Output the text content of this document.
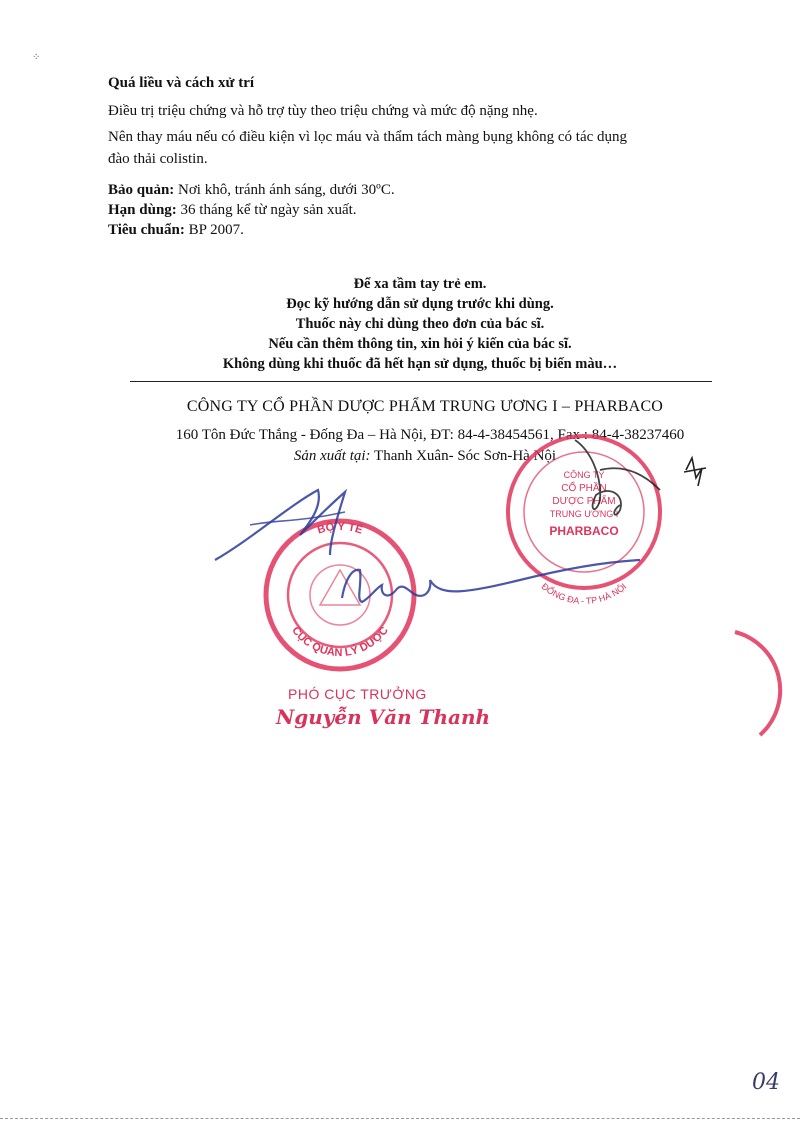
⁘
Quá liều và cách xử trí
Điều trị triệu chứng và hỗ trợ tùy theo triệu chứng và mức độ nặng nhẹ.
Nên thay máu nếu có điều kiện vì lọc máu và thẩm tách màng bụng không có tác dụng
đào thải colistin.
Bảo quản: Nơi khô, tránh ánh sáng, dưới 30ºC.
Hạn dùng: 36 tháng kể từ ngày sản xuất.
Tiêu chuẩn: BP 2007.
Để xa tầm tay trẻ em.
Đọc kỹ hướng dẫn sử dụng trước khi dùng.
Thuốc này chỉ dùng theo đơn của bác sĩ.
Nếu cần thêm thông tin, xin hỏi ý kiến của bác sĩ.
Không dùng khi thuốc đã hết hạn sử dụng, thuốc bị biến màu…
CÔNG TY CỔ PHẦN DƯỢC PHẨM TRUNG ƯƠNG I – PHARBACO
160 Tôn Đức Thắng - Đống Đa – Hà Nội, ĐT: 84-4-38454561, Fax : 84-4-38237460
Sản xuất tại: Thanh Xuân- Sóc Sơn-Hà Nội
BỘ Y TẾ
CỤC QUẢN LÝ DƯỢC
CÔNG TY
CỔ PHẦN
DƯỢC PHẨM
TRUNG ƯƠNG I
PHARBACO
ĐỐNG ĐA - TP HÀ NỘI
PHÓ CỤC TRƯỞNG
Nguyễn Văn Thanh
04
